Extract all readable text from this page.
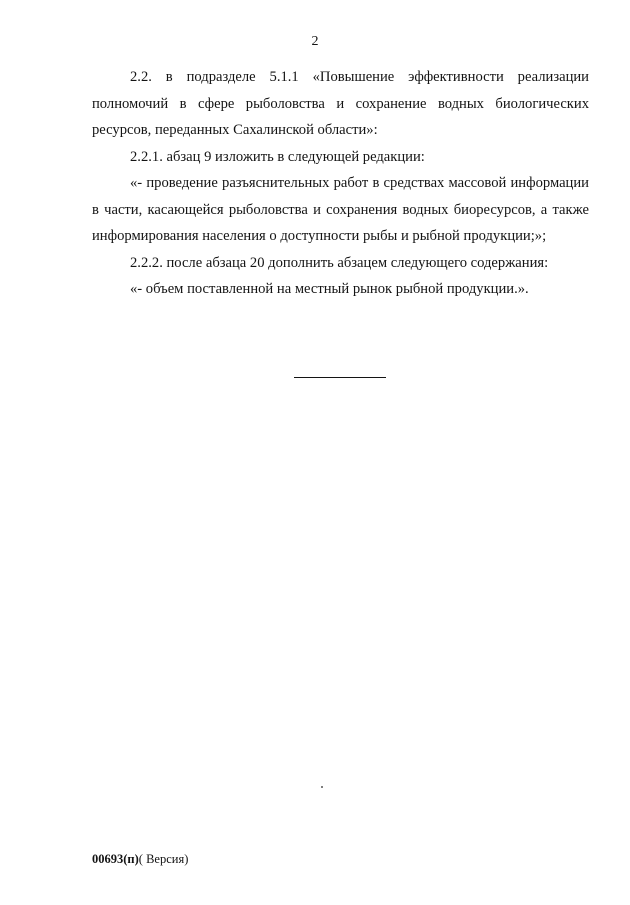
2

2.2. в подразделе 5.1.1 «Повышение эффективности реализации полномочий в сфере рыболовства и сохранение водных биологических ресурсов, переданных Сахалинской области»:

2.2.1. абзац 9 изложить в следующей редакции:

«- проведение разъяснительных работ в средствах массовой информации в части, касающейся рыболовства и сохранения водных биоресурсов, а также информирования населения о доступности рыбы и рыбной продукции;»;

2.2.2. после абзаца 20 дополнить абзацем следующего содержания:

«- объем поставленной на местный рынок рыбной продукции.».

00693(п)( Версия)
